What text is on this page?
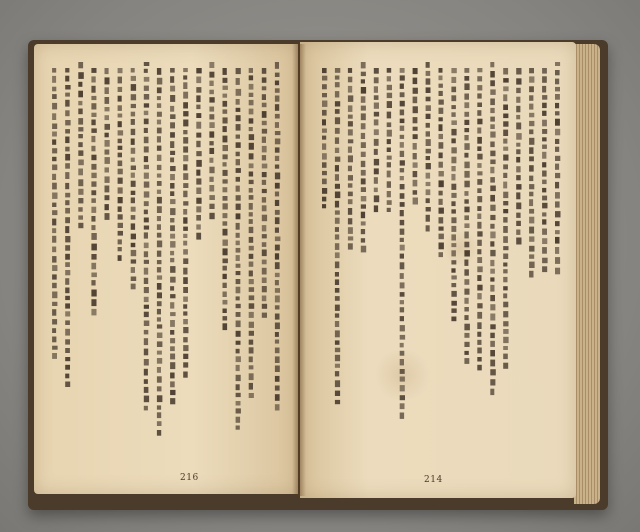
216	214
